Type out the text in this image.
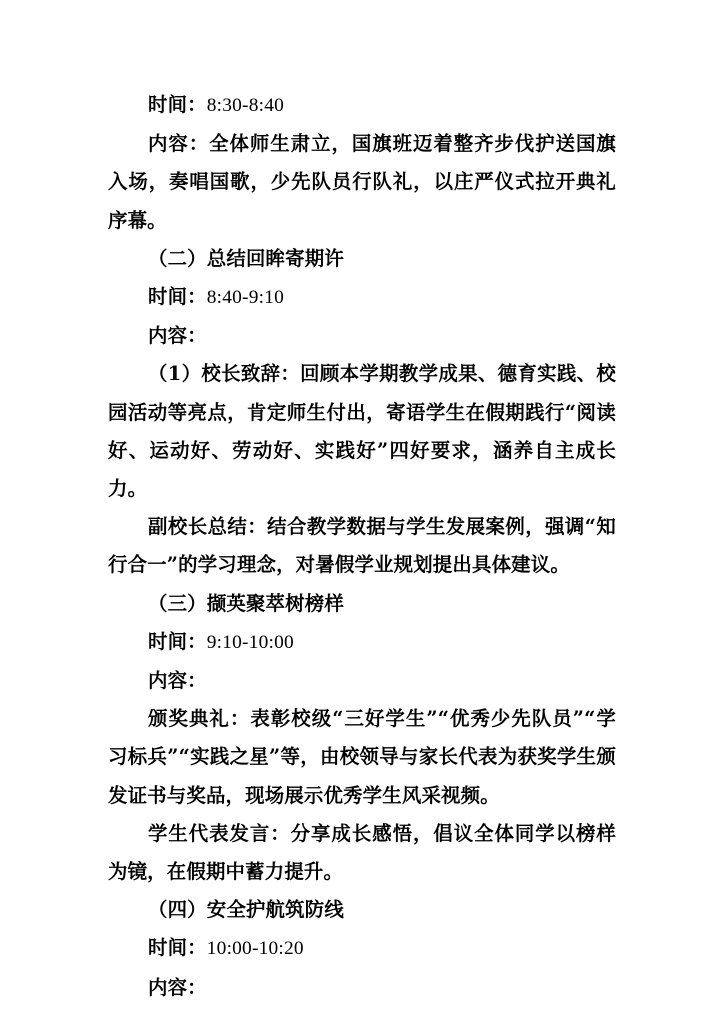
时间：8:30-8:40

内容：全体师生肃立，国旗班迈着整齐步伐护送国旗入场，奏唱国歌，少先队员行队礼，以庄严仪式拉开典礼序幕。

（二）总结回眸寄期许

时间：8:40-9:10

内容：

（1）校长致辞：回顾本学期教学成果、德育实践、校园活动等亮点，肯定师生付出，寄语学生在假期践行“阅读好、运动好、劳动好、实践好”四好要求，涵养自主成长力。

副校长总结：结合教学数据与学生发展案例，强调“知行合一”的学习理念，对暑假学业规划提出具体建议。

（三）撷英聚萃树榜样

时间：9:10-10:00

内容：

颁奖典礼：表彰校级“三好学生”“优秀少先队员”“学习标兵”“实践之星”等，由校领导与家长代表为获奖学生颁发证书与奖品，现场展示优秀学生风采视频。

学生代表发言：分享成长感悟，倡议全体同学以榜样为镜，在假期中蓄力提升。

（四）安全护航筑防线

时间：10:00-10:20

内容：
